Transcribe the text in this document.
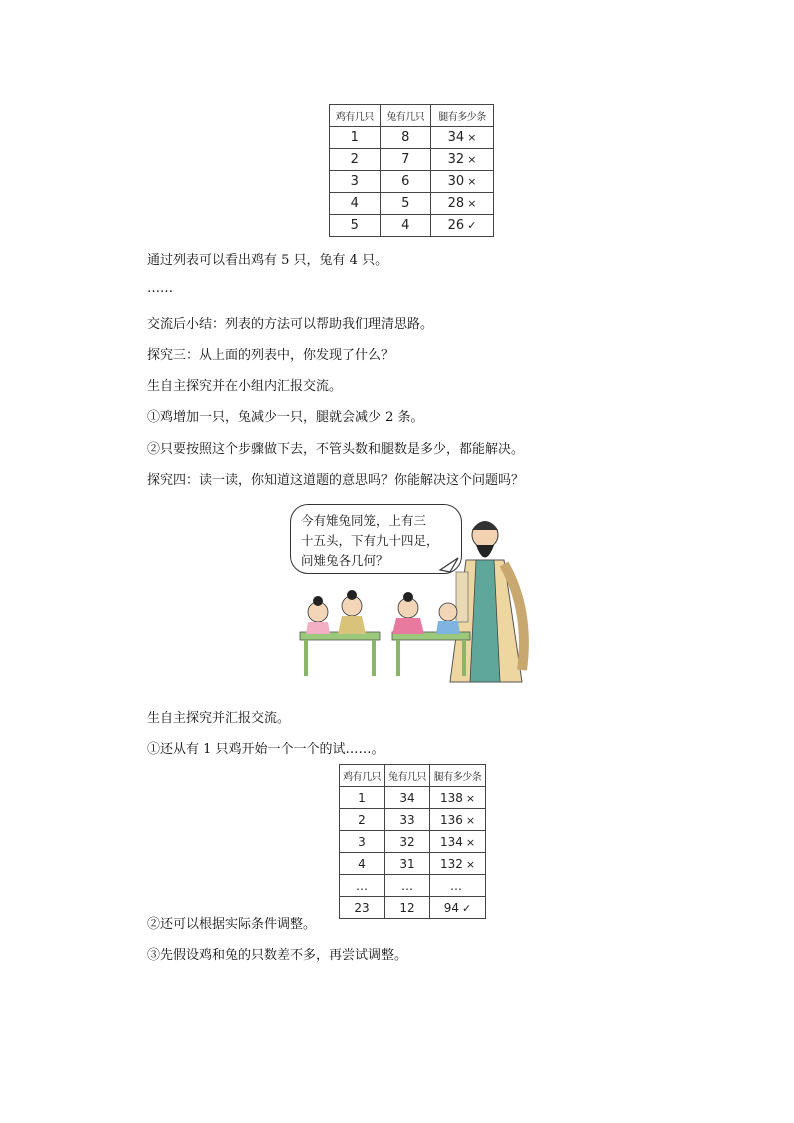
鸡有几只	兔有几只	腿有多少条
1	8	34 ×
2	7	32 ×
3	6	30 ×
4	5	28 ×
5	4	26 ✓

通过列表可以看出鸡有 5 只，兔有 4 只。

……

交流后小结：列表的方法可以帮助我们理清思路。

探究三：从上面的列表中，你发现了什么？

生自主探究并在小组内汇报交流。

①鸡增加一只，兔减少一只，腿就会减少 2 条。

②只要按照这个步骤做下去，不管头数和腿数是多少，都能解决。

探究四：读一读，你知道这道题的意思吗？你能解决这个问题吗？

今有雉兔同笼，上有三
十五头，下有九十四足，
问雉兔各几何？

生自主探究并汇报交流。

①还从有 1 只鸡开始一个一个的试……。

鸡有几只	兔有几只	腿有多少条
1	34	138 ×
2	33	136 ×
3	32	134 ×
4	31	132 ×
…	…	…
23	12	94 ✓

②还可以根据实际条件调整。

③先假设鸡和兔的只数差不多，再尝试调整。
